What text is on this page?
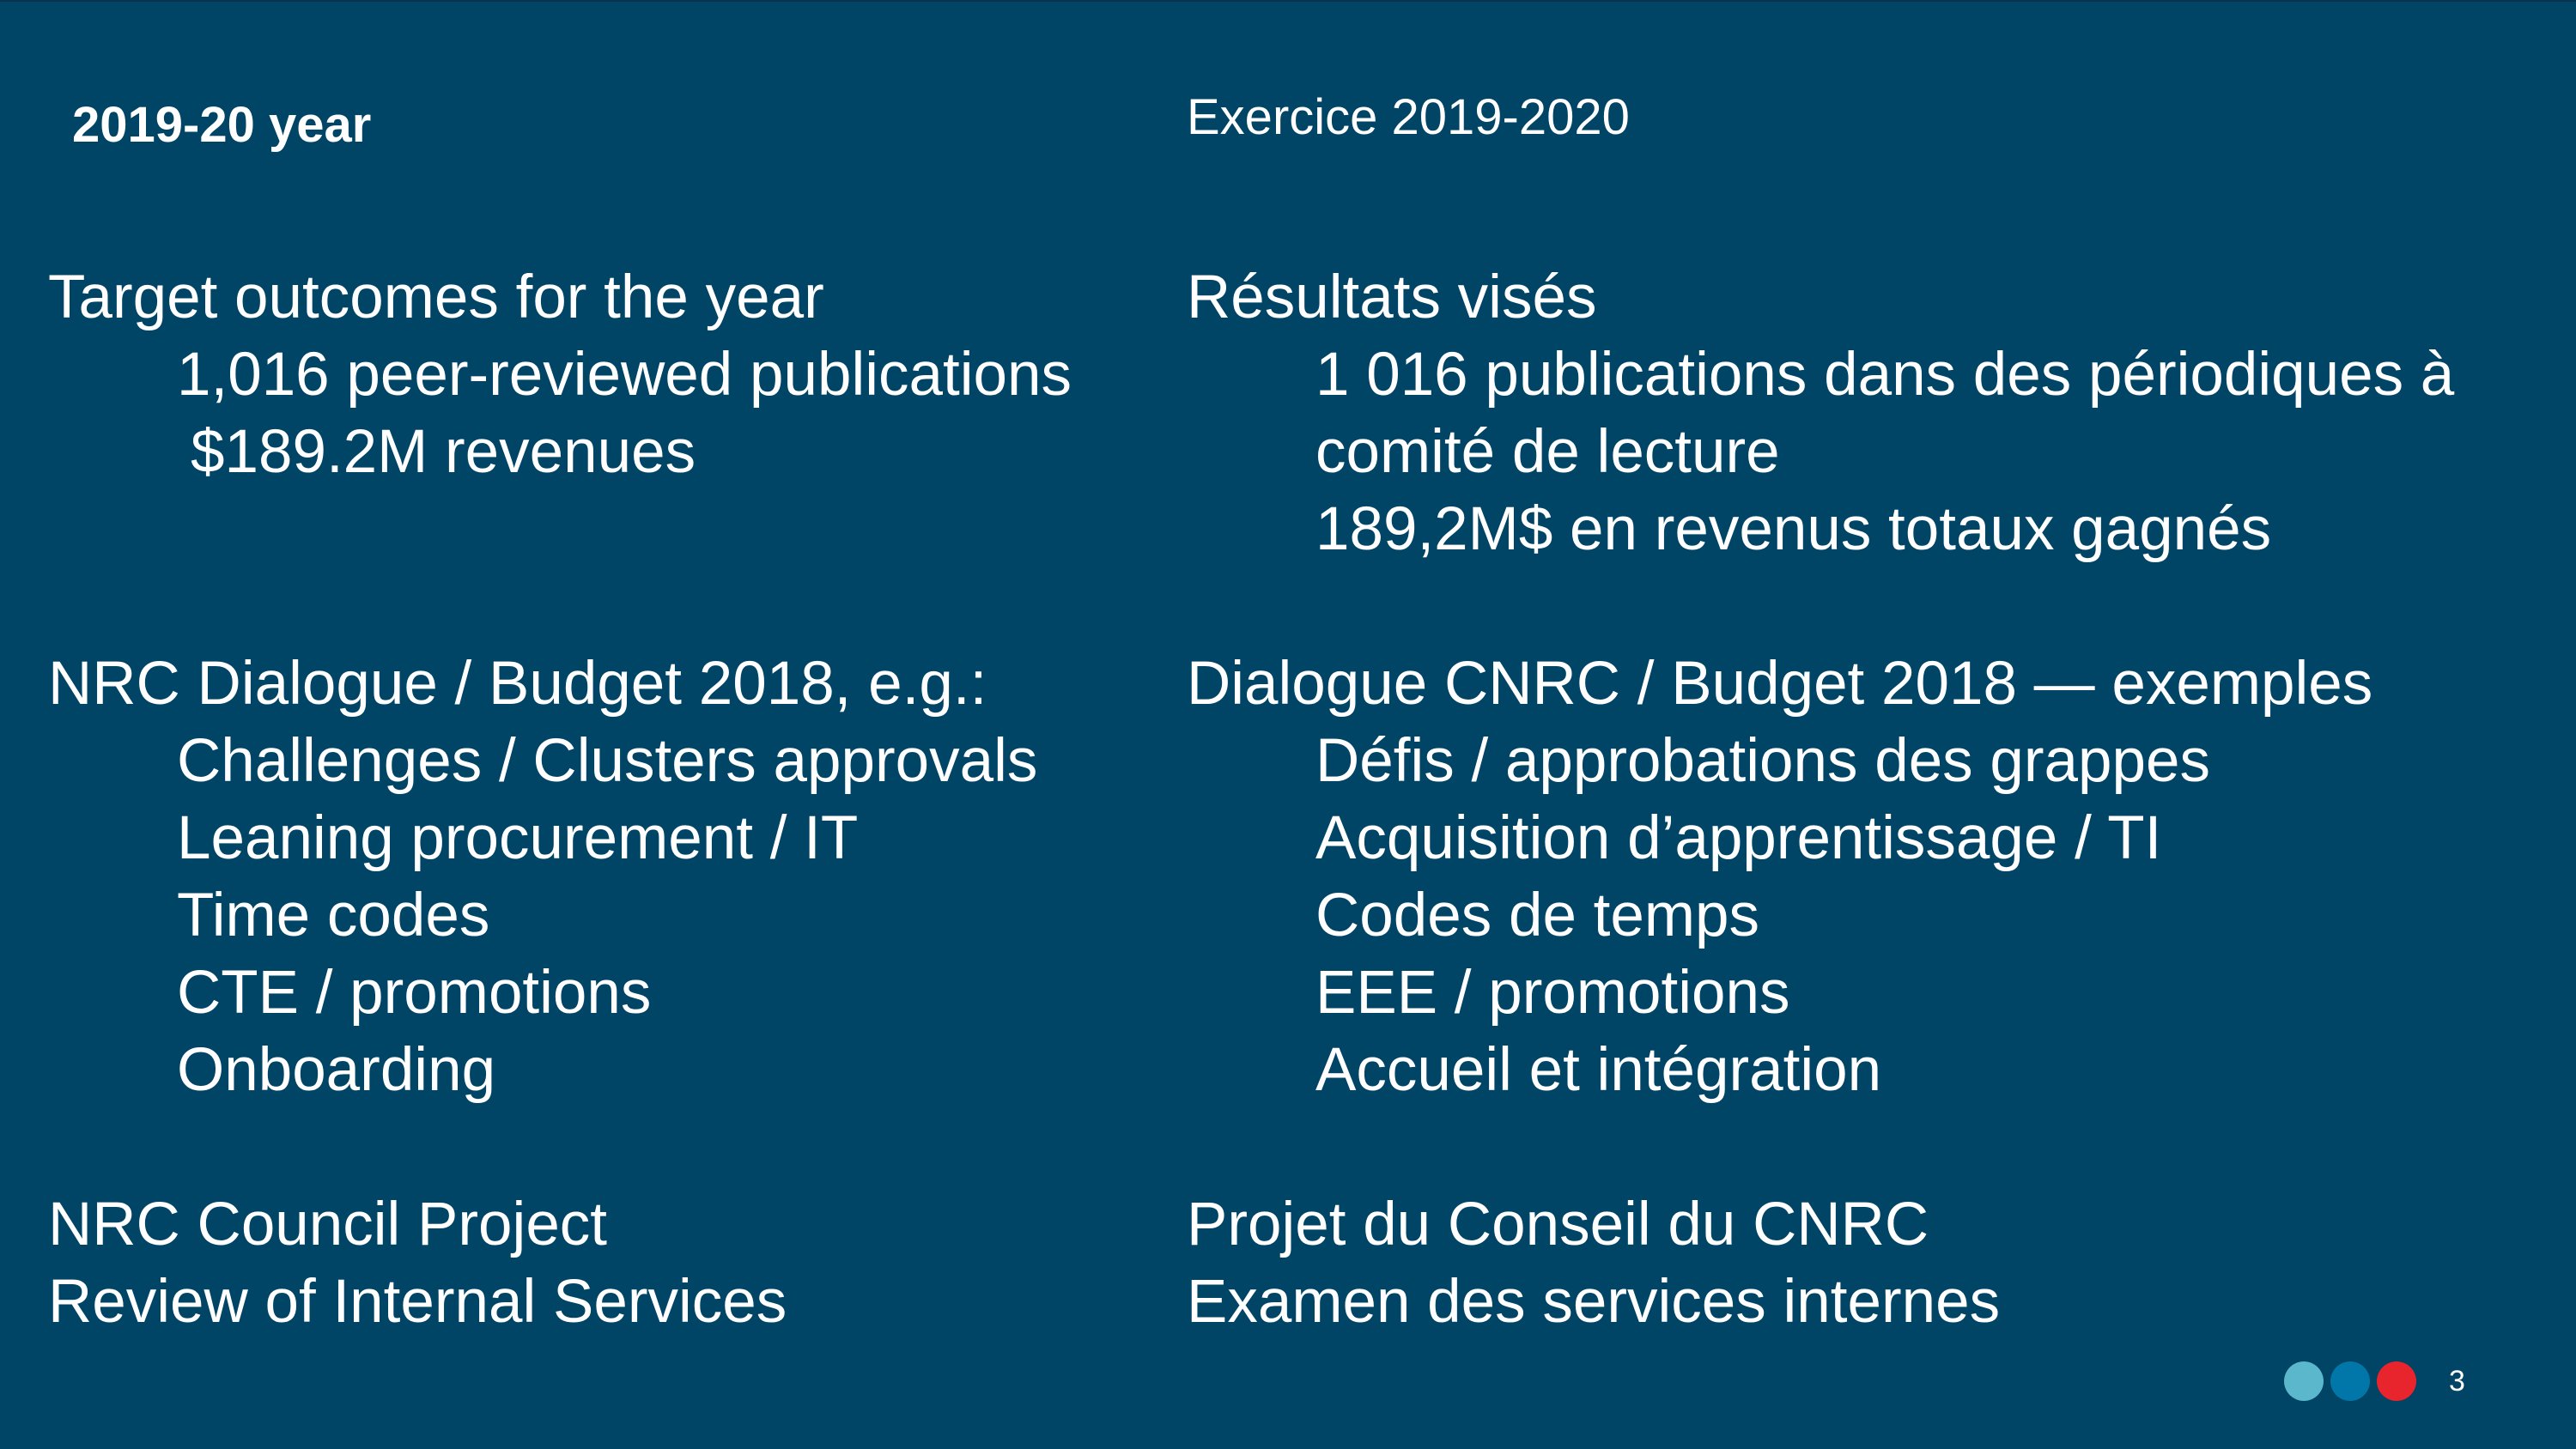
2019-20 year	Exercice 2019-2020
Target outcomes for the year
1,016 peer-reviewed publications
$189.2M revenues
NRC Dialogue / Budget 2018, e.g.:
Challenges / Clusters approvals
Leaning procurement / IT
Time codes
CTE / promotions
Onboarding
NRC Council Project
Review of Internal Services
Résultats visés
1 016 publications dans des périodiques à
comité de lecture
189,2M$ en revenus totaux gagnés
Dialogue CNRC / Budget 2018 — exemples
Défis / approbations des grappes
Acquisition d’apprentissage / TI
Codes de temps
EEE / promotions
Accueil et intégration
Projet du Conseil du CNRC
Examen des services internes
3
